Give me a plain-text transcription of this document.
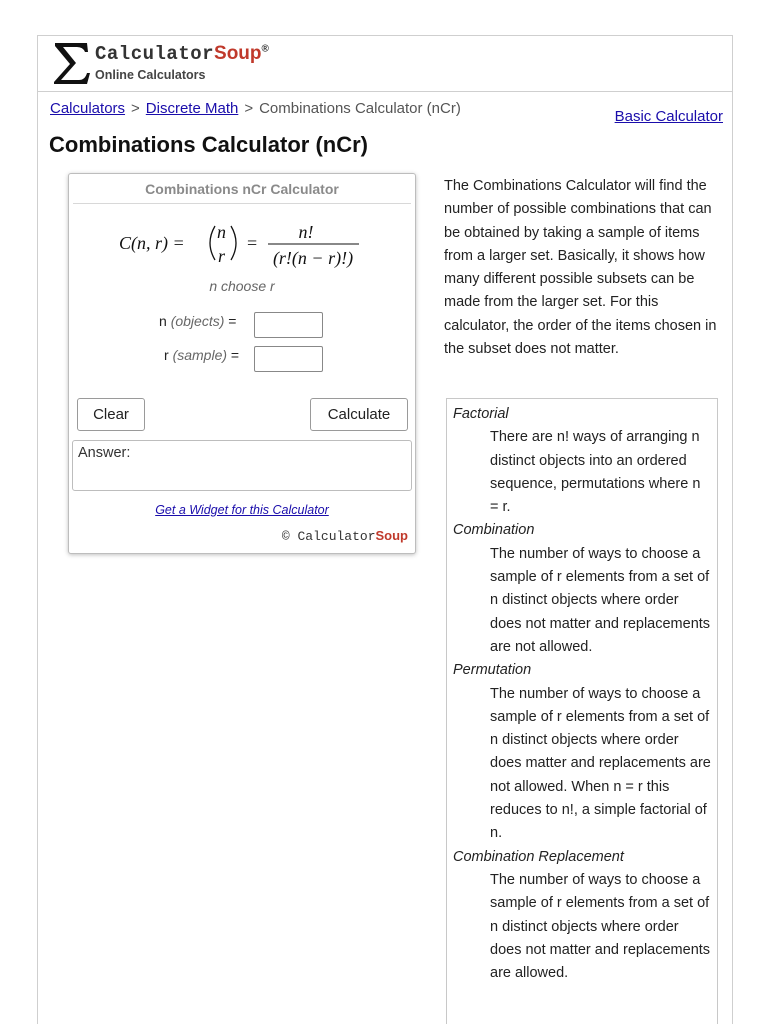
CalculatorSoup®
Online Calculators
Calculators > Discrete Math > Combinations Calculator (nCr)	Basic Calculator
Combinations Calculator (nCr)
Combinations nCr Calculator
C(n, r) =
n
r
=
n!
(r!(n − r)!)
n choose r
n (objects) =
r (sample) =
Clear	Calculate
Answer:
Get a Widget for this Calculator
© CalculatorSoup

The Combinations Calculator will find the number of possible combinations that can be obtained by taking a sample of items from a larger set. Basically, it shows how many different possible subsets can be made from the larger set. For this calculator, the order of the items chosen in the subset does not matter.

Factorial
There are n! ways of arranging n distinct objects into an ordered sequence, permutations where n = r.
Combination
The number of ways to choose a sample of r elements from a set of n distinct objects where order does not matter and replacements are not allowed.
Permutation
The number of ways to choose a sample of r elements from a set of n distinct objects where order does matter and replacements are not allowed. When n = r this reduces to n!, a simple factorial of n.
Combination Replacement
The number of ways to choose a sample of r elements from a set of n distinct objects where order does not matter and replacements are allowed.
